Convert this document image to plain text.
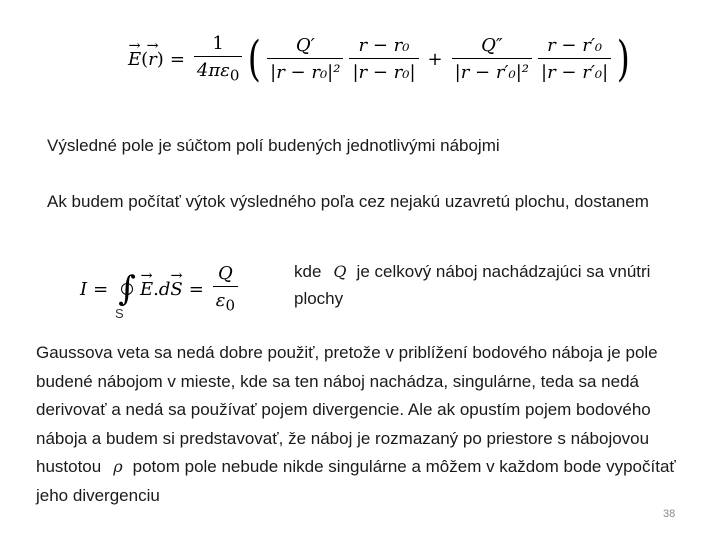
→ E ( → r ) = $\frac{1}{4\pi\varepsilon_0}$ ( $\frac{Q'}{\text{|r − r₀|²}} \frac{\text{r − r₀}}{\text{|r − r₀|}} + \frac{Q''}{\text{|r − r′₀|²}} \frac{\text{r − r′₀}}{\text{|r − r′₀|}}$ )
Výsledné pole je súčtom polí budených jednotlivými nábojmi
Ak budem počítať výtok výsledného poľa cez nejakú uzavretú plochu, dostanem
I = ∫ → E . $d\to S = \frac{Q}{\varepsilon_0}$
S
kde Q je celkový náboj nachádzajúci sa vnútri plochy
Gaussova veta sa nedá dobre použiť, pretože v priblížení bodového náboja je pole budené nábojom v mieste, kde sa ten náboj nachádza, singulárne, teda sa nedá derivovať a nedá sa používať pojem divergencie. Ale ak opustím pojem bodového náboja a budem si predstavovať, že náboj je rozmazaný po priestore s nábojovou hustotou ρ potom pole nebude nikde singulárne a môžem v každom bode vypočítať jeho divergenciu
38
